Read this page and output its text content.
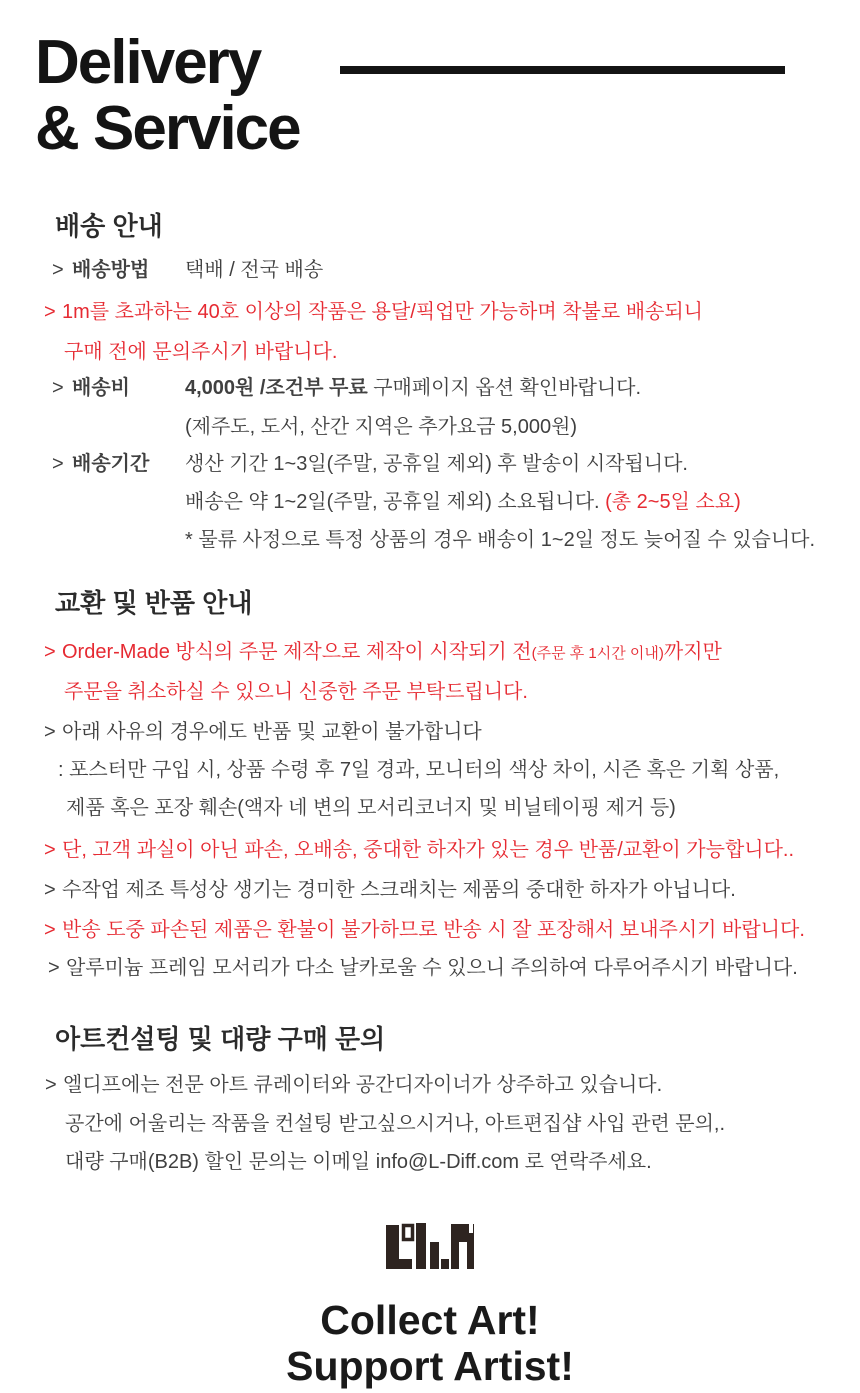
Delivery
& Service
배송 안내
> 배송방법 택배 / 전국 배송
> 1m를 초과하는 40호 이상의 작품은 용달/픽업만 가능하며 착불로 배송되니
구매 전에 문의주시기 바랍니다.
> 배송비	4,000원 /조건부 무료 구매페이지 옵션 확인바랍니다.
(제주도, 도서, 산간 지역은 추가요금 5,000원)
> 배송기간 생산 기간 1~3일(주말, 공휴일 제외) 후 발송이 시작됩니다.
배송은 약 1~2일(주말, 공휴일 제외) 소요됩니다. (총 2~5일 소요)
* 물류 사정으로 특정 상품의 경우 배송이 1~2일 정도 늦어질 수 있습니다.
교환 및 반품 안내
> Order-Made 방식의 주문 제작으로 제작이 시작되기 전(주문 후 1시간 이내)까지만
주문을 취소하실 수 있으니 신중한 주문 부탁드립니다.
> 아래 사유의 경우에도 반품 및 교환이 불가합니다
: 포스터만 구입 시, 상품 수령 후 7일 경과, 모니터의 색상 차이, 시즌 혹은 기획 상품,
제품 혹은 포장 훼손(액자 네 변의 모서리코너지 및 비닐테이핑 제거 등)
> 단, 고객 과실이 아닌 파손, 오배송, 중대한 하자가 있는 경우 반품/교환이 가능합니다..
> 수작업 제조 특성상 생기는 경미한 스크래치는 제품의 중대한 하자가 아닙니다.
> 반송 도중 파손된 제품은 환불이 불가하므로 반송 시 잘 포장해서 보내주시기 바랍니다.
> 알루미늄 프레임 모서리가 다소 날카로울 수 있으니 주의하여 다루어주시기 바랍니다.
아트컨설팅 및 대량 구매 문의
> 엘디프에는 전문 아트 큐레이터와 공간디자이너가 상주하고 있습니다.
공간에 어울리는 작품을 컨설팅 받고싶으시거나, 아트편집샵 사입 관련 문의,.
대량 구매(B2B) 할인 문의는 이메일 info@L-Diff.com 로 연락주세요.
Collect Art!
Support Artist!
